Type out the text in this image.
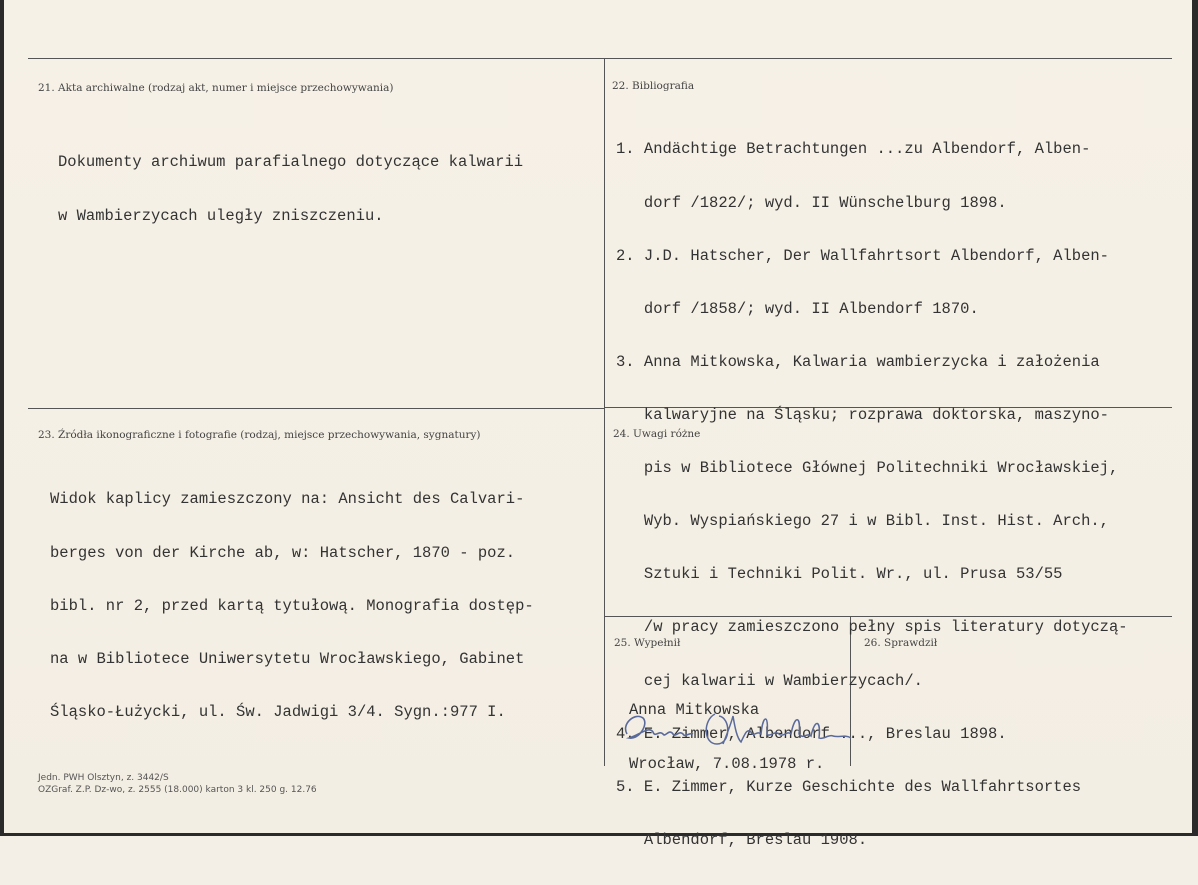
21. Akta archiwalne (rodzaj akt, numer i miejsce przechowywania)

Dokumenty archiwum parafialnego dotyczące kalwarii

w Wambierzycach uległy zniszczeniu.

22. Bibliografia

1. Andächtige Betrachtungen ...zu Albendorf, Alben-

dorf /1822/; wyd. II Wünschelburg 1898.

2. J.D. Hatscher, Der Wallfahrtsort Albendorf, Alben-

dorf /1858/; wyd. II Albendorf 1870.

3. Anna Mitkowska, Kalwaria wambierzycka i założenia

kalwaryjne na Śląsku; rozprawa doktorska, maszyno-

pis w Bibliotece Głównej Politechniki Wrocławskiej,

Wyb. Wyspiańskiego 27 i w Bibl. Inst. Hist. Arch.,

Sztuki i Techniki Polit. Wr., ul. Prusa 53/55

/w pracy zamieszczono pełny spis literatury dotyczą-

cej kalwarii w Wambierzycach/.

4. E. Zimmer, Albendorf ..., Breslau 1898.

5. E. Zimmer, Kurze Geschichte des Wallfahrtsortes

Albendorf, Breslau 1908.

23. Źródła ikonograficzne i fotografie (rodzaj, miejsce przechowywania, sygnatury)

Widok kaplicy zamieszczony na: Ansicht des Calvari-

berges von der Kirche ab, w: Hatscher, 1870 - poz.

bibl. nr 2, przed kartą tytułową. Monografia dostęp-

na w Bibliotece Uniwersytetu Wrocławskiego, Gabinet

Śląsko-Łużycki, ul. Św. Jadwigi 3/4. Sygn.:977 I.

24. Uwagi różne
25. Wypełnił

Anna Mitkowska

Wrocław, 7.08.1978 r.

26. Sprawdził
Jedn. PWH Olsztyn, z. 3442/S
OZGraf. Z.P. Dz-wo, z. 2555 (18.000) karton 3 kl. 250 g. 12.76
